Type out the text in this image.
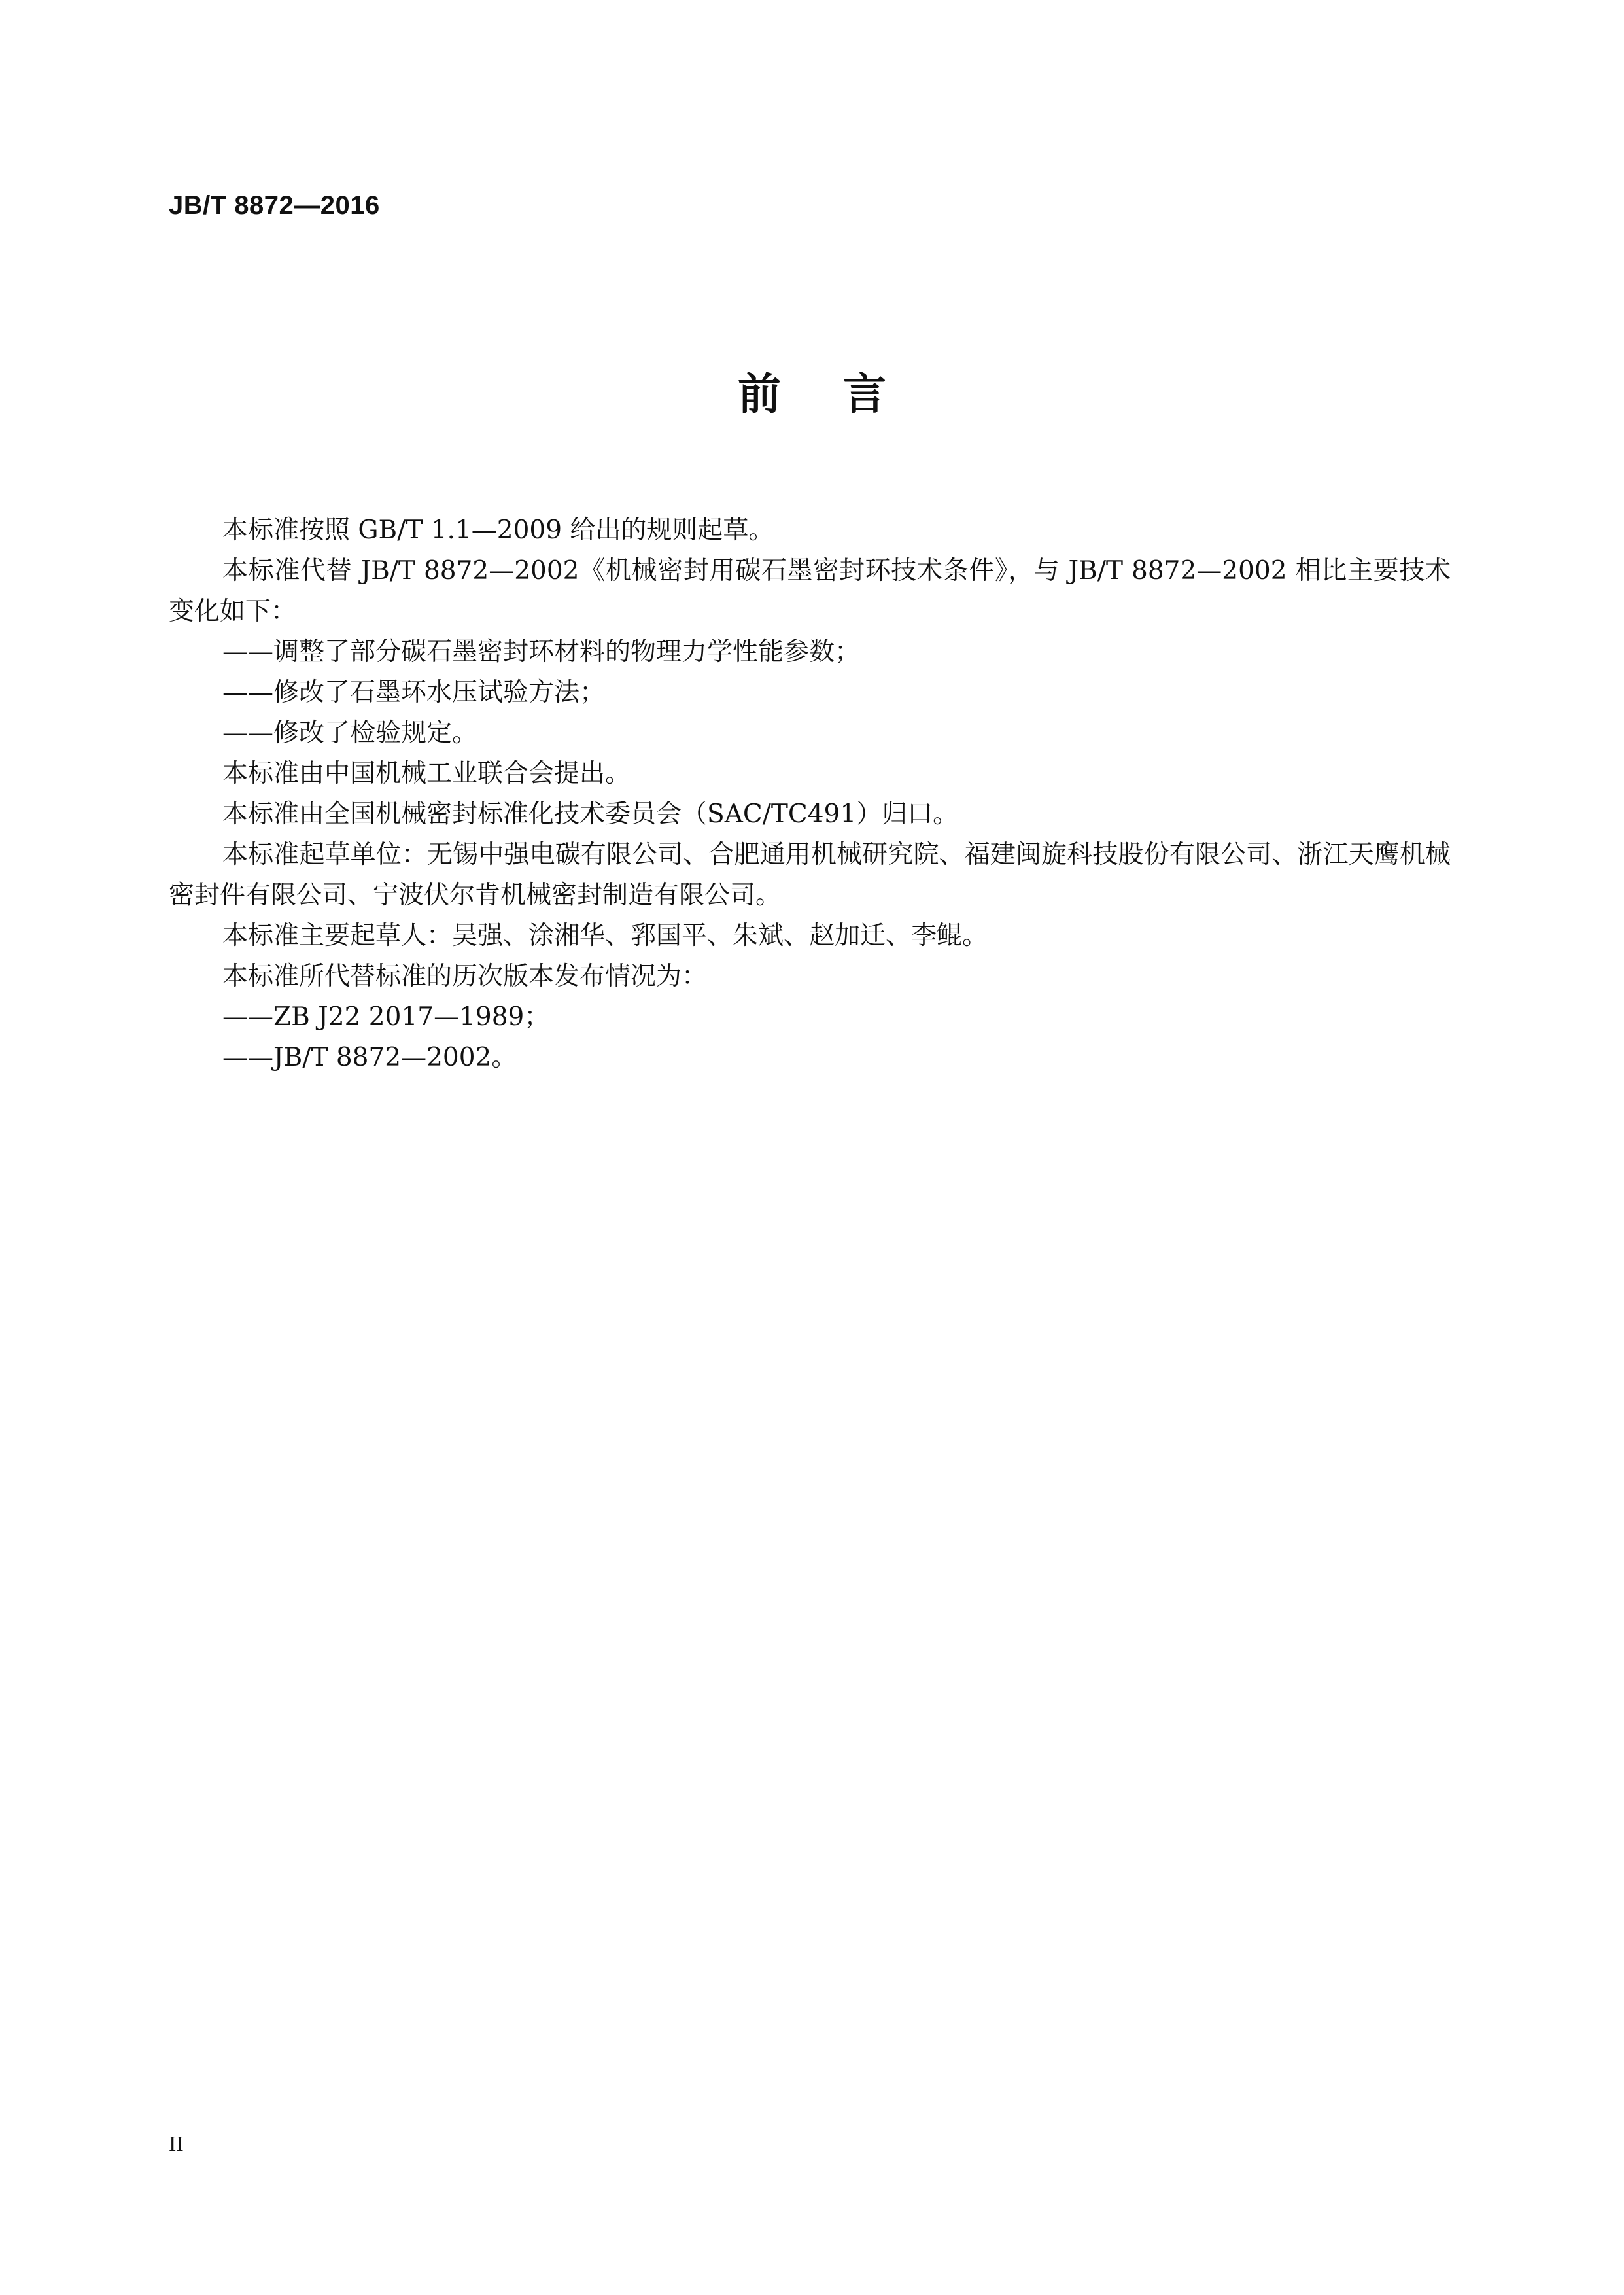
JB/T 8872—2016
前言

本标准按照 GB/T 1.1—2009 给出的规则起草。

本标准代替 JB/T 8872—2002《机械密封用碳石墨密封环技术条件》，与 JB/T 8872—2002 相比主要技术变化如下：

——调整了部分碳石墨密封环材料的物理力学性能参数；

——修改了石墨环水压试验方法；

——修改了检验规定。

本标准由中国机械工业联合会提出。

本标准由全国机械密封标准化技术委员会（SAC/TC491）归口。

本标准起草单位：无锡中强电碳有限公司、合肥通用机械研究院、福建闽旋科技股份有限公司、浙江天鹰机械密封件有限公司、宁波伏尔肯机械密封制造有限公司。

本标准主要起草人：吴强、涂湘华、郛国平、朱斌、赵加迁、李鲲。

本标准所代替标准的历次版本发布情况为：

——ZB J22 2017—1989；

——JB/T 8872—2002。

II
